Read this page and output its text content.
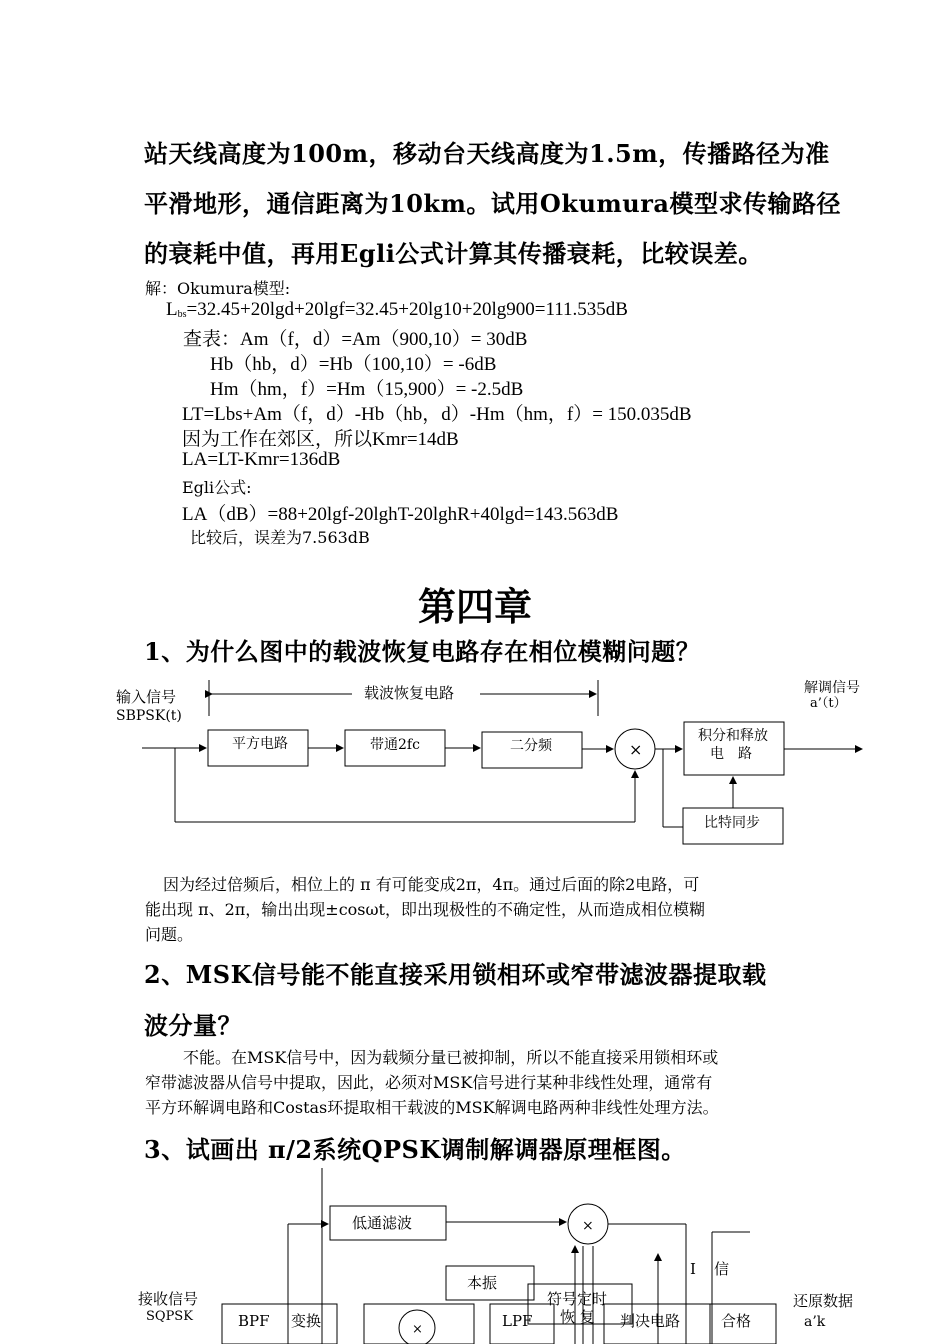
站天线高度为100m，移动台天线高度为1.5m，传播路径为准
平滑地形，通信距离为10km。试用Okumura模型求传输路径
的衰耗中值，再用Egli公式计算其传播衰耗，比较误差。
解：Okumura模型:
$L_{bs}=32.45+20\lg d+20\lg f=32.45+20\lg 10+20\lg 900=111.535dB$
查表：Am（f，d）=Am（900,10）= 30dB
Hb（hb，d）=Hb（100,10）= -6dB
Hm（hm，f）=Hm（15,900）= -2.5dB
LT=Lbs+Am（f，d）-Hb（hb，d）-Hm（hm，f）= 150.035dB
因为工作在郊区，所以Kmr=14dB
LA=LT-Kmr=136dB
Egli公式:
LA（dB）=88+20lgf-20lghT-20lghR+40lgd=143.563dB
比较后，误差为7.563dB
第四章
1、为什么图中的载波恢复电路存在相位模糊问题？
输入信号
SBPSK(t)
载波恢复电路	解调信号
a’（t）
平方电路	带通2fc	二分频	×
积分和释放
电　路
比特同步
因为经过倍频后，相位上的 π 有可能变成2π，4π。通过后面的除2电路，可
能出现 π、2π，输出出现±cosωt，即出现极性的不确定性，从而造成相位模糊
问题。
2、MSK信号能不能直接采用锁相环或窄带滤波器提取载
波分量？
不能。在MSK信号中，因为载频分量已被抑制，所以不能直接采用锁相环或
窄带滤波器从信号中提取，因此，必须对MSK信号进行某种非线性处理，通常有
平方环解调电路和Costas环提取相干载波的MSK解调电路两种非线性处理方法。
3、试画出 π/2系统QPSK调制解调器原理框图。
接收信号
SQPSK
还原数据
a’k
低通滤波	×
I 信
本振
符号定时
恢 复
BPF 变换	×	LPF	判决电路	合格
